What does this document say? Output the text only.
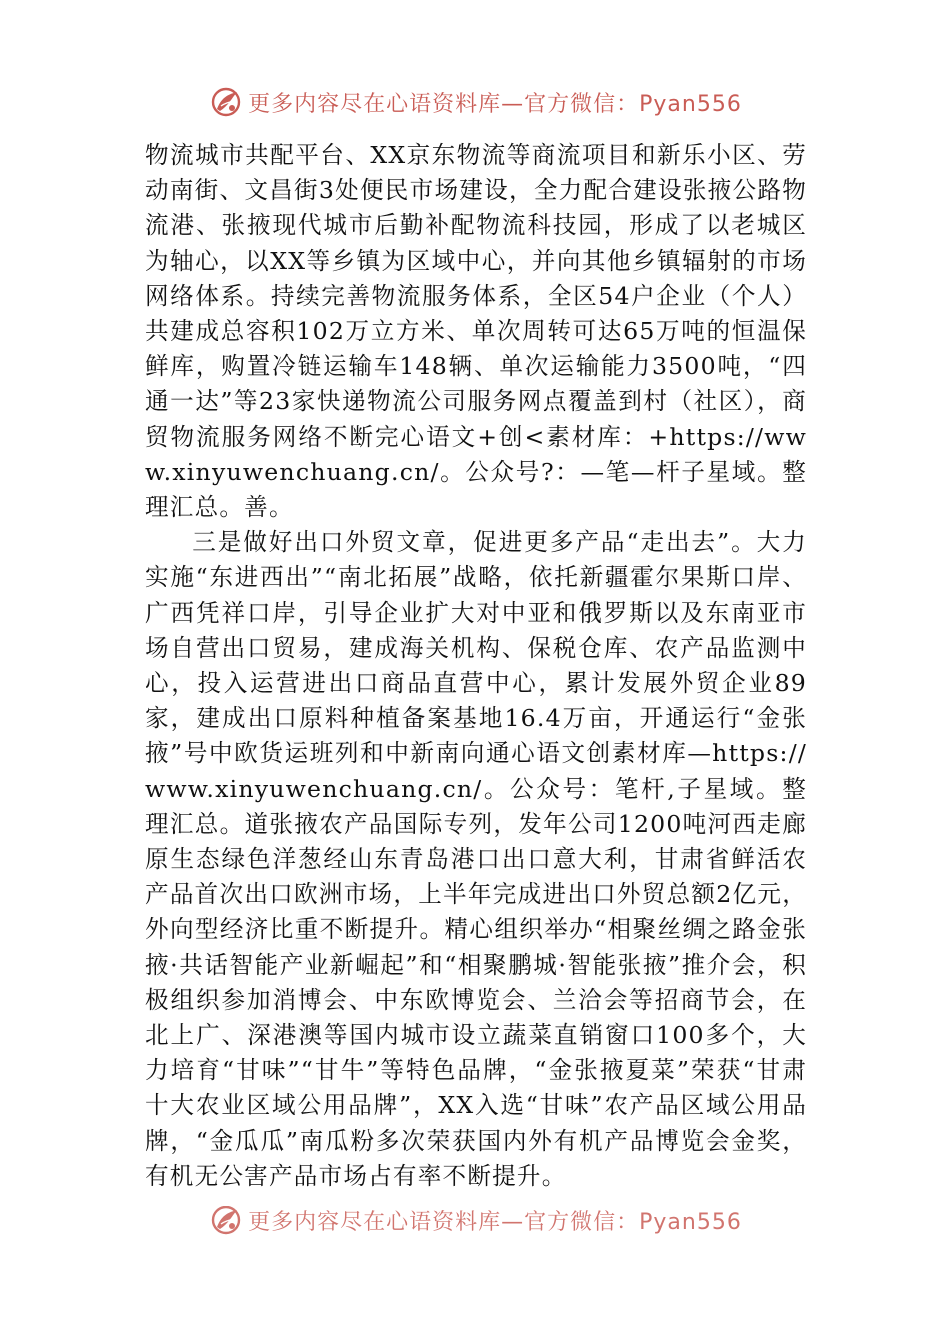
更多内容尽在心语资料库—官方微信：Pyan556

物流城市共配平台、XX京东物流等商流项目和新乐小区、劳动南街、文昌街3处便民市场建设，全力配合建设张掖公路物流港、张掖现代城市后勤补配物流科技园，形成了以老城区为轴心，以XX等乡镇为区域中心，并向其他乡镇辐射的市场网络体系。持续完善物流服务体系，全区54户企业（个人）共建成总容积102万立方米、单次周转可达65万吨的恒温保鲜库，购置冷链运输车148辆、单次运输能力3500吨，“四通一达”等23家快递物流公司服务网点覆盖到村（社区），商贸物流服务网络不断完心语文+创<素材库：+https://www.xinyuwenchuang.cn/。公众号?：—笔—杆子星域。整理汇总。善。

三是做好出口外贸文章，促进更多产品“走出去”。大力实施“东进西出”“南北拓展”战略，依托新疆霍尔果斯口岸、广西凭祥口岸，引导企业扩大对中亚和俄罗斯以及东南亚市场自营出口贸易，建成海关机构、保税仓库、农产品监测中心，投入运营进出口商品直营中心，累计发展外贸企业89家，建成出口原料种植备案基地16.4万亩，开通运行“金张掖”号中欧货运班列和中新南向通心语文创素材库—https://www.xinyuwenchuang.cn/。公众号：笔杆,子星域。整理汇总。道张掖农产品国际专列，发年公司1200吨河西走廊原生态绿色洋葱经山东青岛港口出口意大利，甘肃省鲜活农产品首次出口欧洲市场，上半年完成进出口外贸总额2亿元，外向型经济比重不断提升。精心组织举办“相聚丝绸之路金张掖·共话智能产业新崛起”和“相聚鹏城·智能张掖”推介会，积极组织参加消博会、中东欧博览会、兰洽会等招商节会，在北上广、深港澳等国内城市设立蔬菜直销窗口100多个，大力培育“甘味”“甘牛”等特色品牌，“金张掖夏菜”荣获“甘肃十大农业区域公用品牌”，XX入选“甘味”农产品区域公用品牌，“金瓜瓜”南瓜粉多次荣获国内外有机产品博览会金奖，有机无公害产品市场占有率不断提升。

更多内容尽在心语资料库—官方微信：Pyan556
